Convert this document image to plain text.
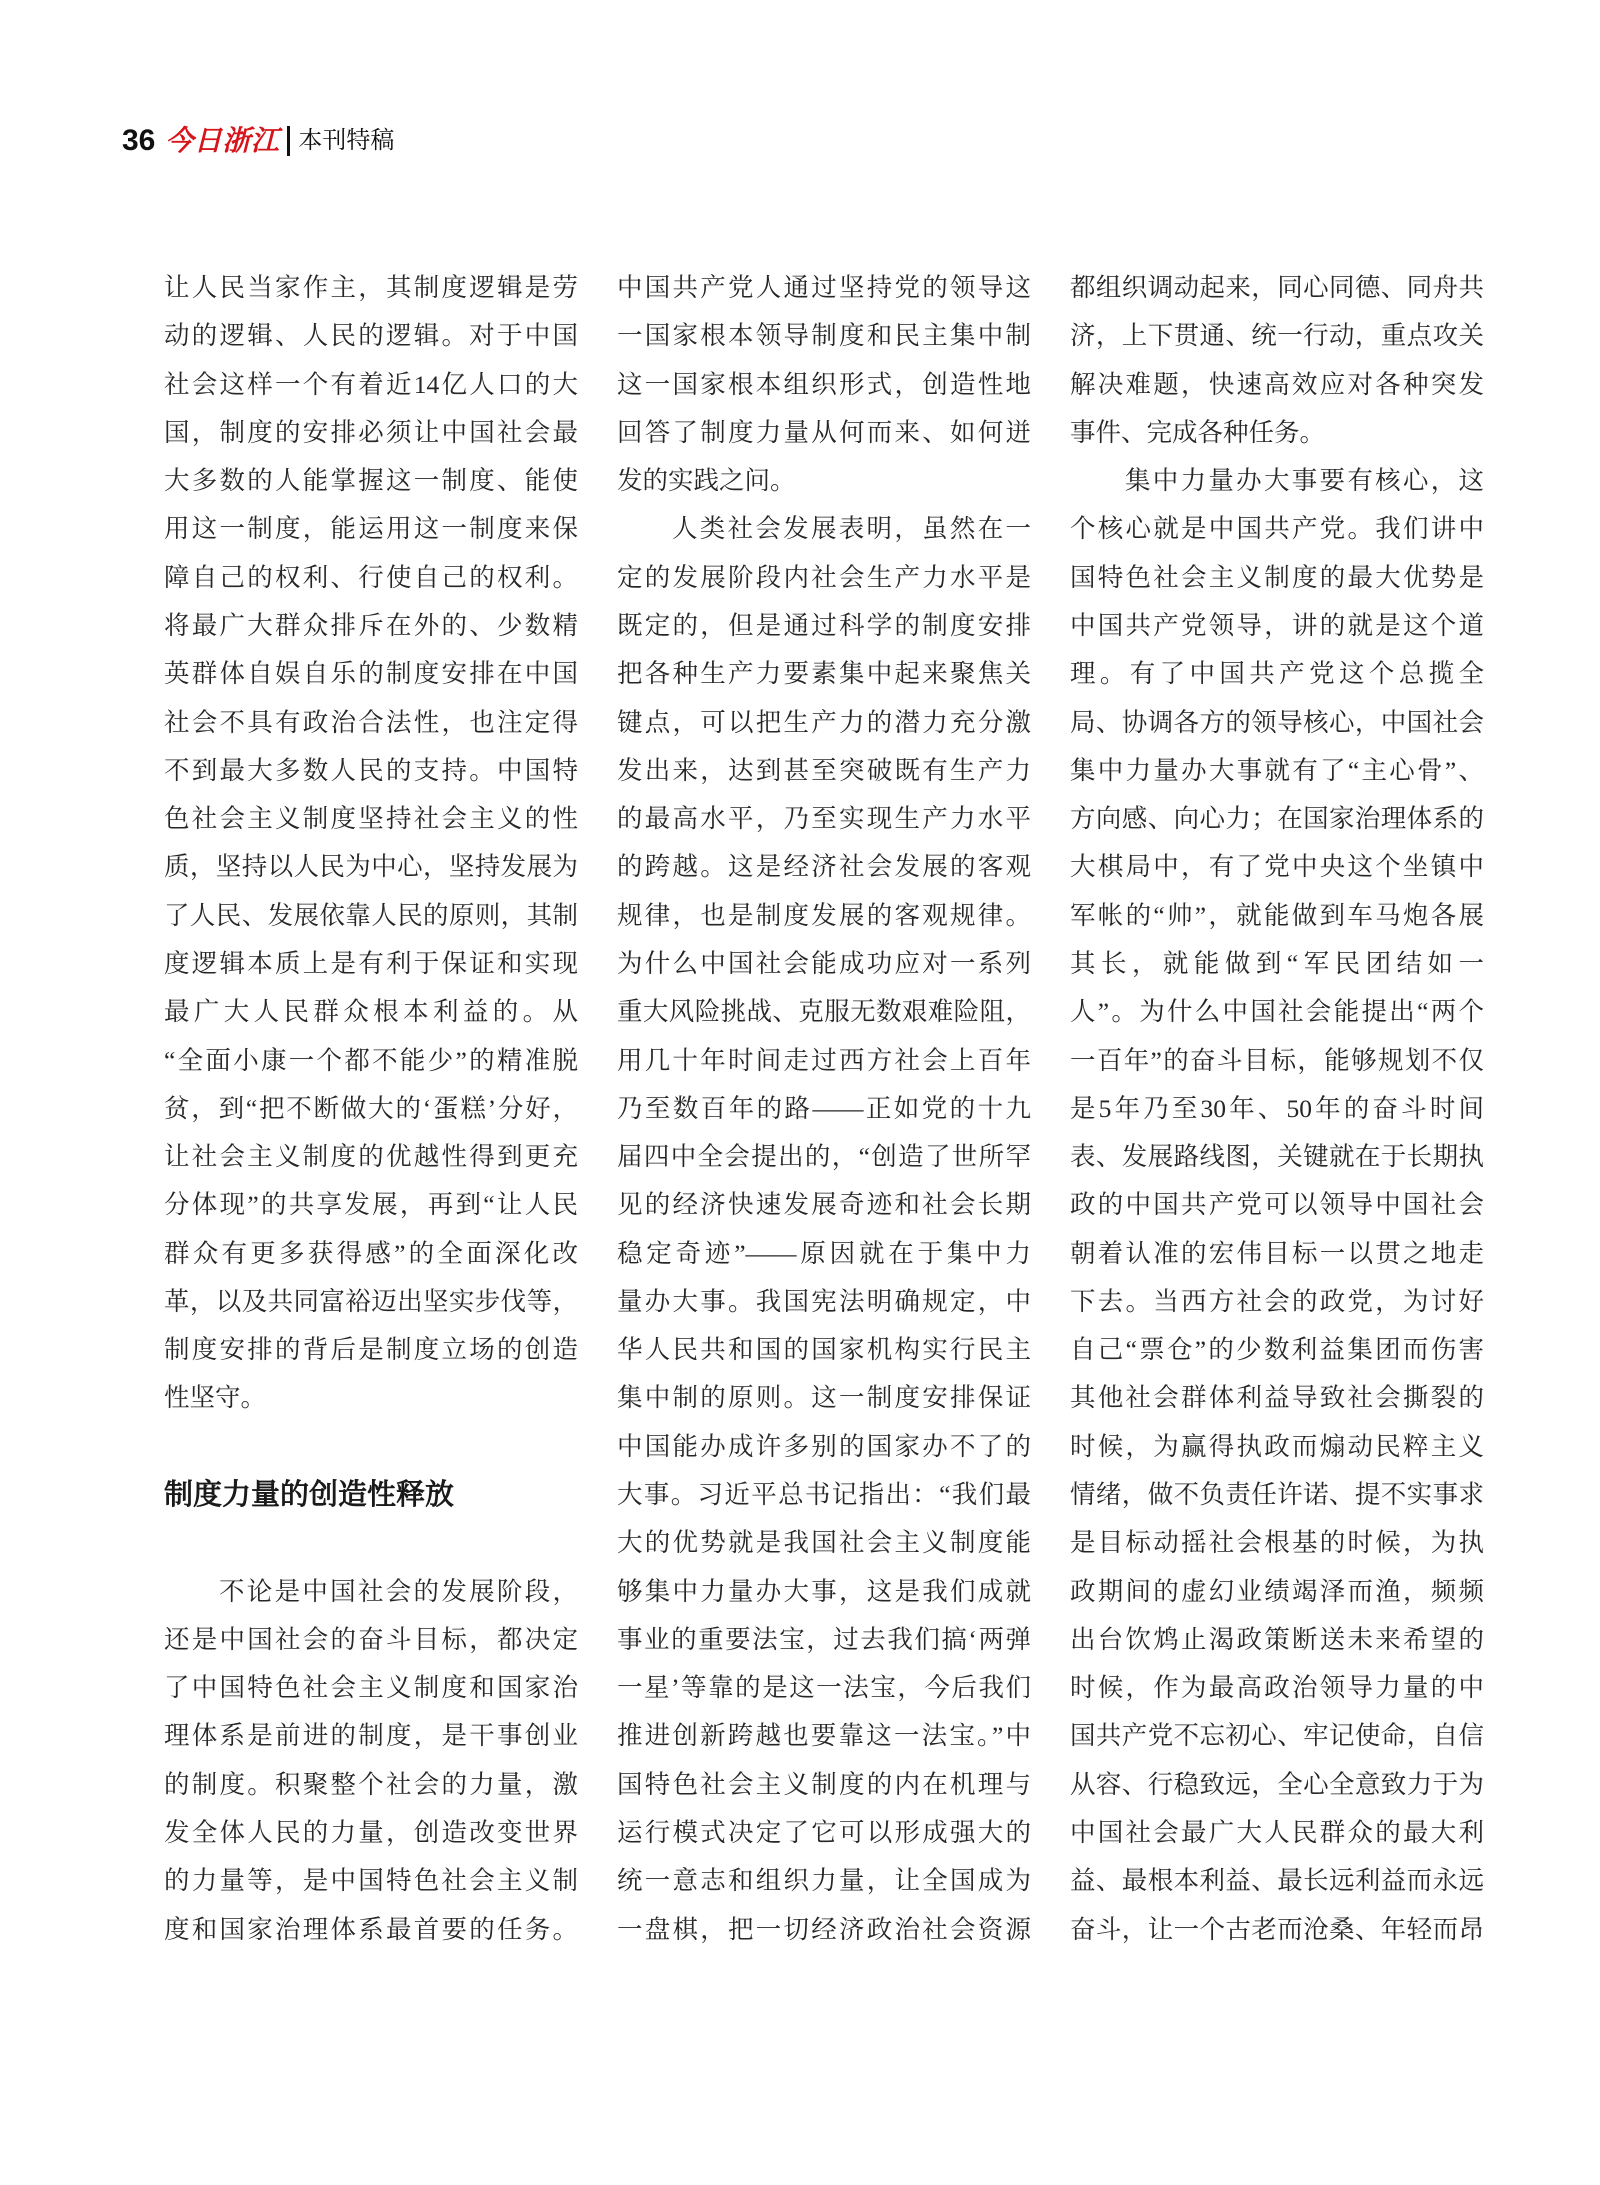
36 今日浙江 本刊特稿
让人民当家作主，其制度逻辑是劳
动的逻辑、人民的逻辑。对于中国
社会这样一个有着近14亿人口的大
国，制度的安排必须让中国社会最
大多数的人能掌握这一制度、能使
用这一制度，能运用这一制度来保
障自己的权利、行使自己的权利。
将最广大群众排斥在外的、少数精
英群体自娱自乐的制度安排在中国
社会不具有政治合法性，也注定得
不到最大多数人民的支持。中国特
色社会主义制度坚持社会主义的性
质，坚持以人民为中心，坚持发展为
了人民、发展依靠人民的原则，其制
度逻辑本质上是有利于保证和实现
最广大人民群众根本利益的。从
“全面小康一个都不能少”的精准脱
贫，到“把不断做大的‘蛋糕’分好，
让社会主义制度的优越性得到更充
分体现”的共享发展，再到“让人民
群众有更多获得感”的全面深化改
革，以及共同富裕迈出坚实步伐等，
制度安排的背后是制度立场的创造
性坚守。
制度力量的创造性释放
不论是中国社会的发展阶段，
还是中国社会的奋斗目标，都决定
了中国特色社会主义制度和国家治
理体系是前进的制度，是干事创业
的制度。积聚整个社会的力量，激
发全体人民的力量，创造改变世界
的力量等，是中国特色社会主义制
度和国家治理体系最首要的任务。
中国共产党人通过坚持党的领导这
一国家根本领导制度和民主集中制
这一国家根本组织形式，创造性地
回答了制度力量从何而来、如何迸
发的实践之问。
人类社会发展表明，虽然在一
定的发展阶段内社会生产力水平是
既定的，但是通过科学的制度安排
把各种生产力要素集中起来聚焦关
键点，可以把生产力的潜力充分激
发出来，达到甚至突破既有生产力
的最高水平，乃至实现生产力水平
的跨越。这是经济社会发展的客观
规律，也是制度发展的客观规律。
为什么中国社会能成功应对一系列
重大风险挑战、克服无数艰难险阻，
用几十年时间走过西方社会上百年
乃至数百年的路——正如党的十九
届四中全会提出的，“创造了世所罕
见的经济快速发展奇迹和社会长期
稳定奇迹”——原因就在于集中力
量办大事。我国宪法明确规定，中
华人民共和国的国家机构实行民主
集中制的原则。这一制度安排保证
中国能办成许多别的国家办不了的
大事。习近平总书记指出：“我们最
大的优势就是我国社会主义制度能
够集中力量办大事，这是我们成就
事业的重要法宝，过去我们搞‘两弹
一星’等靠的是这一法宝，今后我们
推进创新跨越也要靠这一法宝。”中
国特色社会主义制度的内在机理与
运行模式决定了它可以形成强大的
统一意志和组织力量，让全国成为
一盘棋，把一切经济政治社会资源
都组织调动起来，同心同德、同舟共
济，上下贯通、统一行动，重点攻关
解决难题，快速高效应对各种突发
事件、完成各种任务。
集中力量办大事要有核心，这
个核心就是中国共产党。我们讲中
国特色社会主义制度的最大优势是
中国共产党领导，讲的就是这个道
理。有了中国共产党这个总揽全
局、协调各方的领导核心，中国社会
集中力量办大事就有了“主心骨”、
方向感、向心力；在国家治理体系的
大棋局中，有了党中央这个坐镇中
军帐的“帅”，就能做到车马炮各展
其长，就能做到“军民团结如一
人”。为什么中国社会能提出“两个
一百年”的奋斗目标，能够规划不仅
是5年乃至30年、50年的奋斗时间
表、发展路线图，关键就在于长期执
政的中国共产党可以领导中国社会
朝着认准的宏伟目标一以贯之地走
下去。当西方社会的政党，为讨好
自己“票仓”的少数利益集团而伤害
其他社会群体利益导致社会撕裂的
时候，为赢得执政而煽动民粹主义
情绪，做不负责任许诺、提不实事求
是目标动摇社会根基的时候，为执
政期间的虚幻业绩竭泽而渔，频频
出台饮鸩止渴政策断送未来希望的
时候，作为最高政治领导力量的中
国共产党不忘初心、牢记使命，自信
从容、行稳致远，全心全意致力于为
中国社会最广大人民群众的最大利
益、最根本利益、最长远利益而永远
奋斗，让一个古老而沧桑、年轻而昂
